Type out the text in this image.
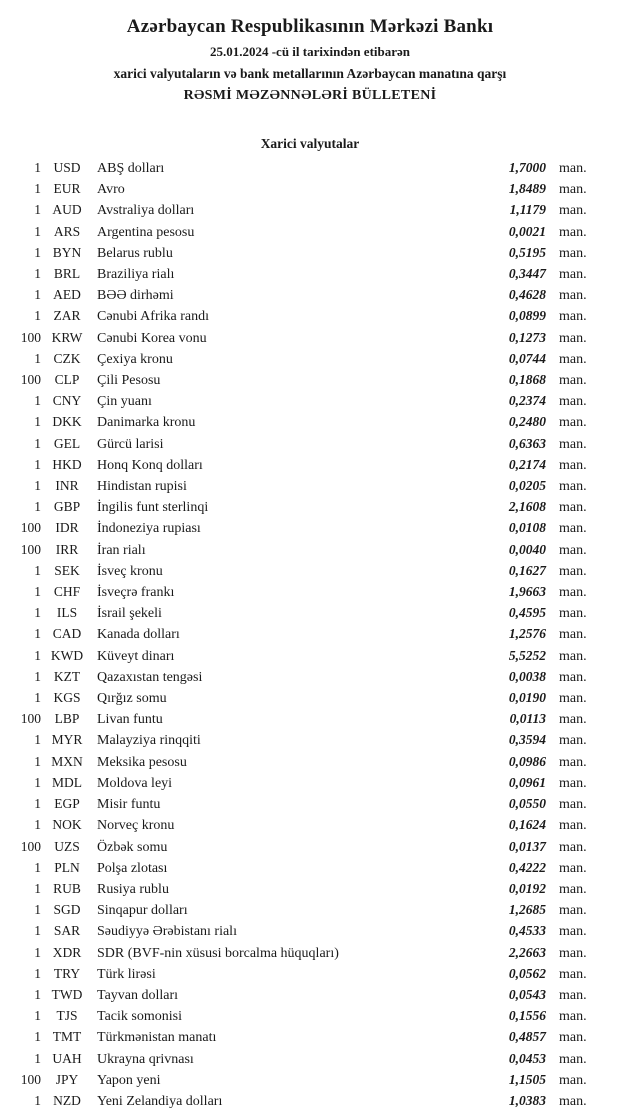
Azərbaycan Respublikasının Mərkəzi Bankı
25.01.2024 -cü il tarixindən etibarən
xarici valyutaların və bank metallarının Azərbaycan manatına qarşı
RƏSMİ MƏZƏNNƏLƏRİ BÜLLETENİ
Xarici valyutalar
1 USD	ABŞ dolları	1,7000 man.
1 EUR	Avro	1,8489 man.
1 AUD	Avstraliya dolları	1,1179 man.
1 ARS	Argentina pesosu	0,0021 man.
1 BYN	Belarus rublu	0,5195 man.
1 BRL	Braziliya rialı	0,3447 man.
1 AED	BƏƏ dirhəmi	0,4628 man.
1 ZAR	Cənubi Afrika randı	0,0899 man.
100 KRW	Cənubi Korea vonu	0,1273 man.
1 CZK	Çexiya kronu	0,0744 man.
100	CLP	Çili Pesosu	0,1868 man.
1 CNY	Çin yuanı	0,2374 man.
1 DKK	Danimarka kronu	0,2480 man.
1 GEL	Gürcü larisi	0,6363 man.
1 HKD	Honq Konq dolları	0,2174 man.
1	INR	Hindistan rupisi	0,0205 man.
1 GBP	İngilis funt sterlinqi	2,1608 man.
100	IDR	İndoneziya rupiası	0,0108 man.
100	IRR	İran rialı	0,0040 man.
1 SEK	İsveç kronu	0,1627 man.
1 CHF	İsveçrə frankı	1,9663 man.
1	ILS	İsrail şekeli	0,4595 man.
1 CAD	Kanada dolları	1,2576 man.
1 KWD Küveyt dinarı	5,5252 man.
1 KZT	Qazaxıstan tengəsi	0,0038 man.
1 KGS	Qırğız somu	0,0190 man.
100	LBP	Livan funtu	0,0113 man.
1 MYR	Malayziya rinqqiti	0,3594 man.
1 MXN	Meksika pesosu	0,0986 man.
1 MDL	Moldova leyi	0,0961 man.
1 EGP	Misir funtu	0,0550 man.
1 NOK	Norveç kronu	0,1624 man.
100 UZS	Özbək somu	0,0137 man.
1 PLN	Polşa zlotası	0,4222 man.
1 RUB	Rusiya rublu	0,0192 man.
1 SGD	Sinqapur dolları	1,2685 man.
1 SAR	Səudiyyə Ərəbistanı rialı	0,4533 man.
1 XDR	SDR (BVF-nin xüsusi borcalma hüquqları)	2,2663 man.
1 TRY	Türk lirəsi	0,0562 man.
1 TWD	Tayvan dolları	0,0543 man.
1	TJS	Tacik somonisi	0,1556 man.
1 TMT	Türkmənistan manatı	0,4857 man.
1 UAH	Ukrayna qrivnası	0,0453 man.
100	JPY	Yapon yeni	1,1505 man.
1 NZD	Yeni Zelandiya dolları	1,0383 man.
